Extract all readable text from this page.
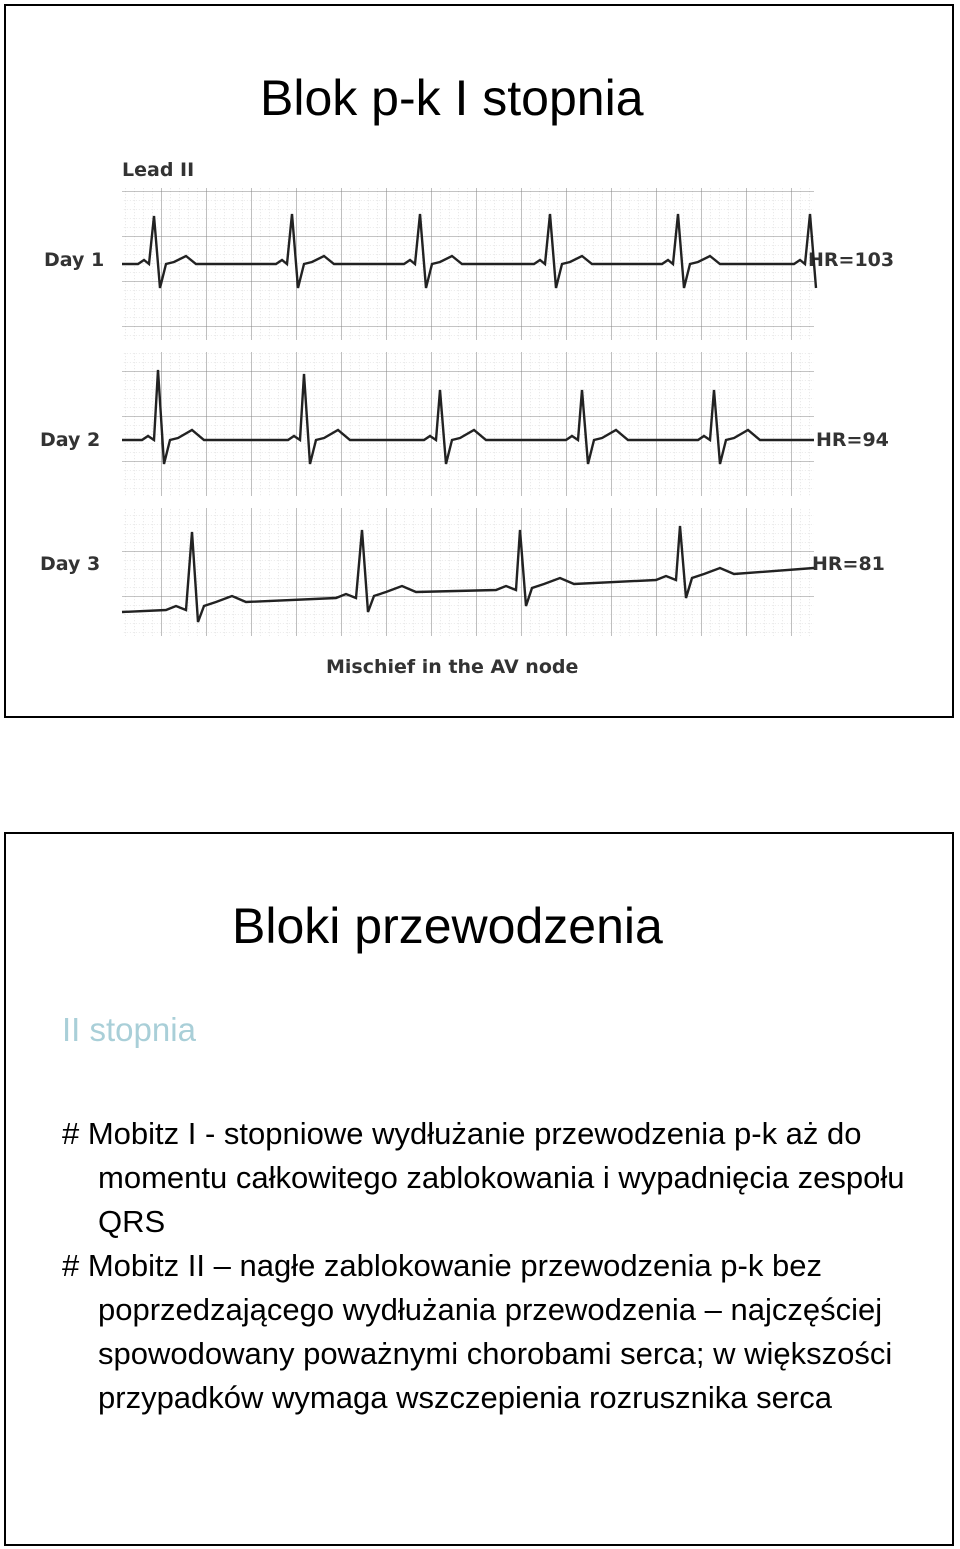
Blok p-k I stopnia
Lead II
Day 1	HR=103
Day 2	HR=94
Day 3	HR=81
Mischief in the AV node
Bloki przewodzenia
II stopnia

# Mobitz I - stopniowe wydłużanie przewodzenia p-k aż do momentu całkowitego zablokowania i wypadnięcia zespołu QRS

# Mobitz II – nagłe zablokowanie przewodzenia p-k bez poprzedzającego wydłużania przewodzenia – najczęściej spowodowany poważnymi chorobami serca; w większości przypadków wymaga wszczepienia rozrusznika serca
